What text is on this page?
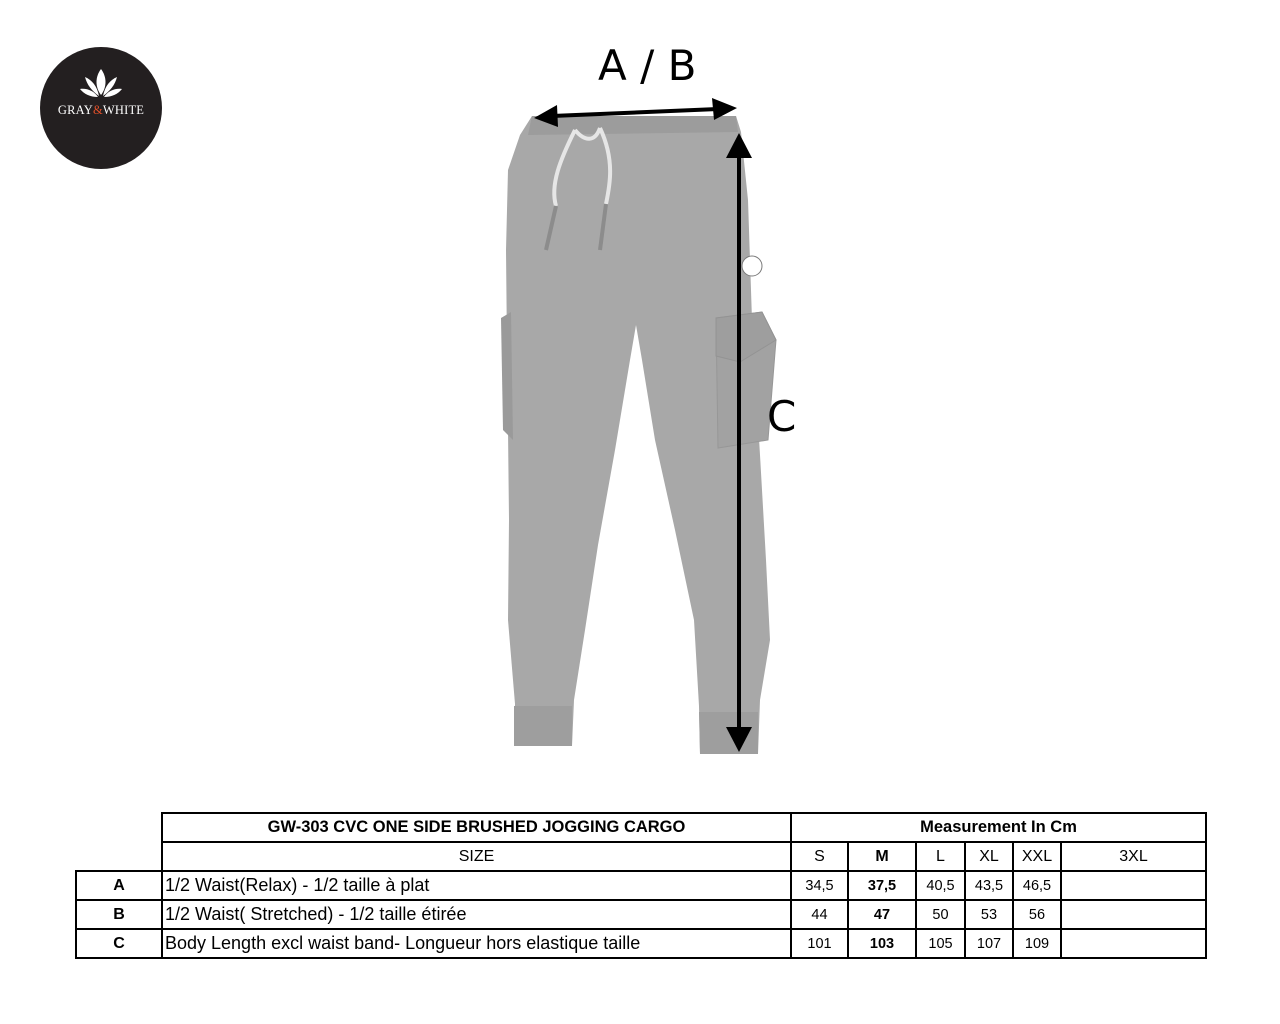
GRAY&WHITE
A / B
C
	GW-303 CVC ONE SIDE BRUSHED JOGGING CARGO	Measurement In Cm					
	SIZE	S	M	L	XL	XXL	3XL
A	1/2 Waist(Relax) - 1/2 taille à plat	34,5	37,5	40,5	43,5	46,5	
B	1/2 Waist( Stretched) - 1/2 taille étirée	44	47	50	53	56	
C	Body Length excl waist band- Longueur hors elastique taille	101	103	105	107	109	
